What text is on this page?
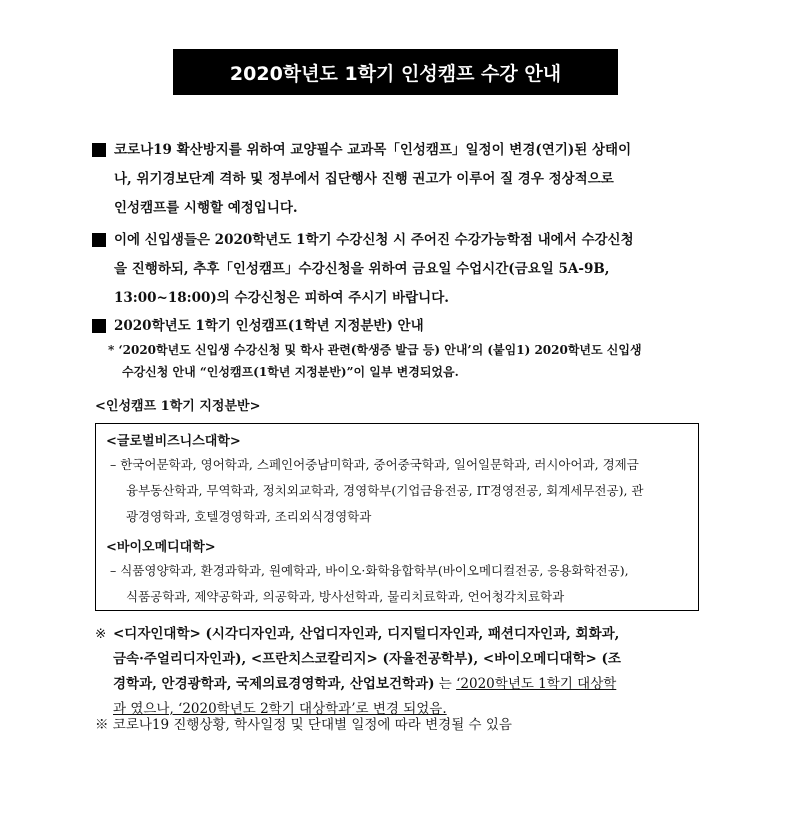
2020학년도 1학기 인성캠프 수강 안내
코로나19 확산방지를 위하여 교양필수 교과목「인성캠프」일정이 변경(연기)된 상태이
나, 위기경보단계 격하 및 정부에서 집단행사 진행 권고가 이루어 질 경우 정상적으로
인성캠프를 시행할 예정입니다.
이에 신입생들은 2020학년도 1학기 수강신청 시 주어진 수강가능학점 내에서 수강신청
을 진행하되, 추후「인성캠프」수강신청을 위하여 금요일 수업시간(금요일 5A-9B,
13:00~18:00)의 수강신청은 피하여 주시기 바랍니다.
2020학년도 1학기 인성캠프(1학년 지정분반) 안내
* ‘2020학년도 신입생 수강신청 및 학사 관련(학생증 발급 등) 안내’의 (붙임1) 2020학년도 신입생
수강신청 안내 “인성캠프(1학년 지정분반)”이 일부 변경되었음.
<인성캠프 1학기 지정분반>
<글로벌비즈니스대학>
– 한국어문학과, 영어학과, 스페인어중남미학과, 중어중국학과, 일어일문학과, 러시아어과, 경제금
융부동산학과, 무역학과, 정치외교학과, 경영학부(기업금융전공, IT경영전공, 회계세무전공), 관
광경영학과, 호텔경영학과, 조리외식경영학과
<바이오메디대학>
– 식품영양학과, 환경과학과, 원예학과, 바이오·화학융합학부(바이오메디컬전공, 응용화학전공),
식품공학과, 제약공학과, 의공학과, 방사선학과, 물리치료학과, 언어청각치료학과
※ <디자인대학> (시각디자인과, 산업디자인과, 디지털디자인과, 패션디자인과, 회화과,
금속·주얼리디자인과), <프란치스코칼리지> (자율전공학부), <바이오메디대학> (조
경학과, 안경광학과, 국제의료경영학과, 산업보건학과) 는 ‘2020학년도 1학기 대상학
과 였으나, ‘2020학년도 2학기 대상학과’로 변경 되었음.
※ 코로나19 진행상황, 학사일정 및 단대별 일정에 따라 변경될 수 있음
